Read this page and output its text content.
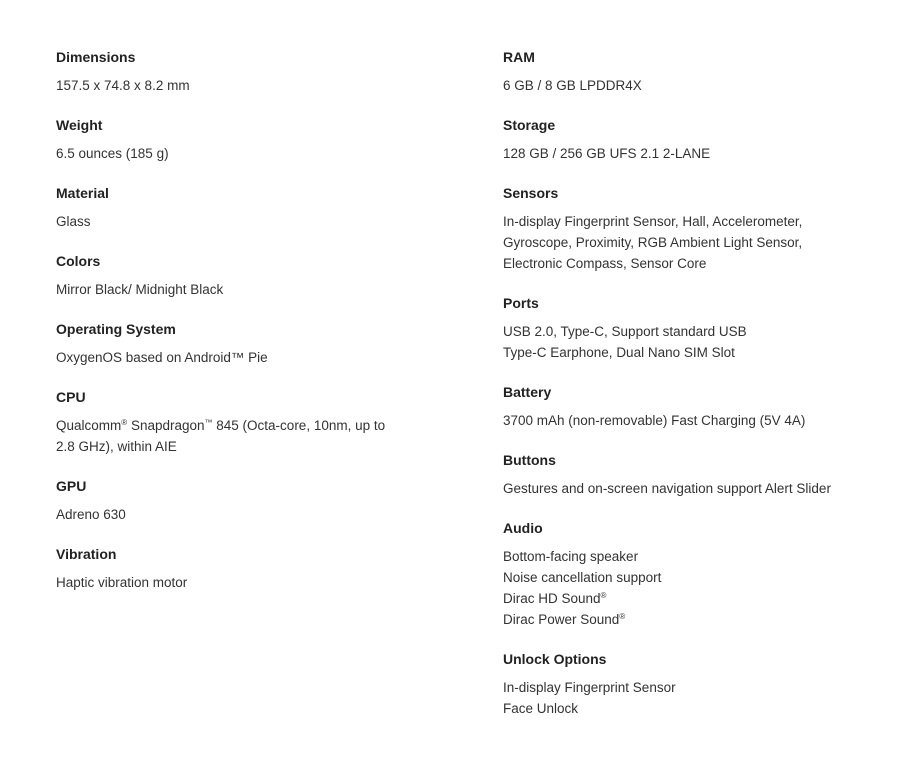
Dimensions
157.5 x 74.8 x 8.2 mm
Weight
6.5 ounces (185 g)
Material
Glass
Colors
Mirror Black/ Midnight Black
Operating System
OxygenOS based on Android™ Pie
CPU
Qualcomm® Snapdragon™ 845 (Octa-core, 10nm, up to 2.8 GHz), within AIE
GPU
Adreno 630
Vibration
Haptic vibration motor
RAM
6 GB / 8 GB LPDDR4X
Storage
128 GB / 256 GB UFS 2.1 2-LANE
Sensors
In-display Fingerprint Sensor, Hall, Accelerometer,
Gyroscope, Proximity, RGB Ambient Light Sensor,
Electronic Compass, Sensor Core
Ports
USB 2.0, Type-C, Support standard USB
Type-C Earphone, Dual Nano SIM Slot
Battery
3700 mAh (non-removable) Fast Charging (5V 4A)
Buttons
Gestures and on-screen navigation support Alert Slider
Audio
Bottom-facing speaker
Noise cancellation support
Dirac HD Sound®
Dirac Power Sound®
Unlock Options
In-display Fingerprint Sensor
Face Unlock
